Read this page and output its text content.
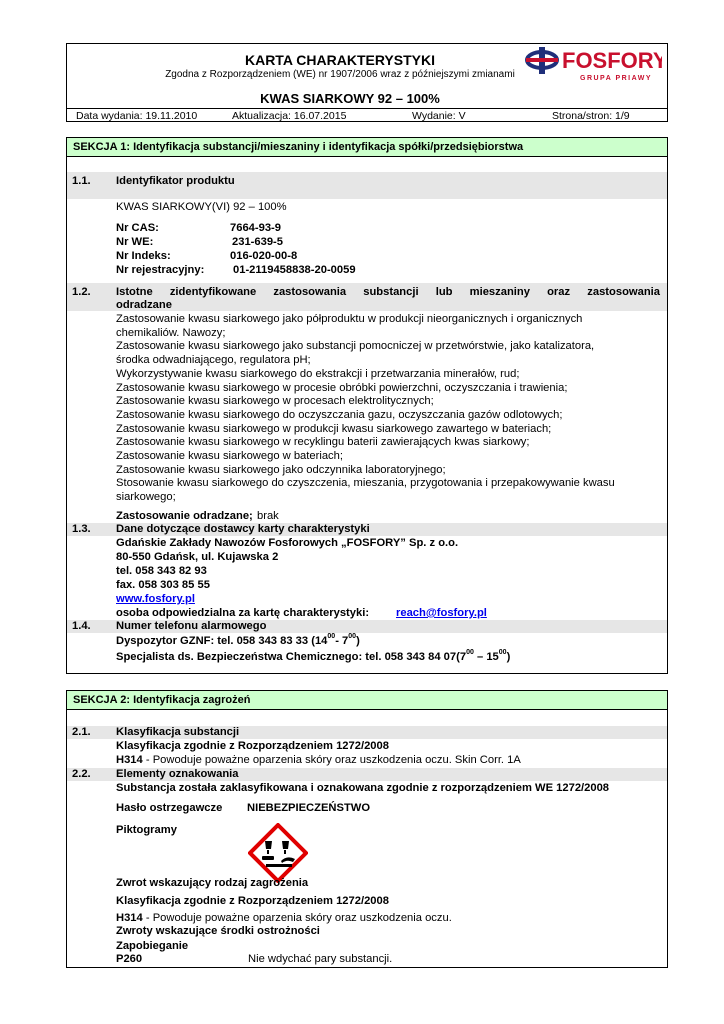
KARTA CHARAKTERYSTYKI
Zgodna z Rozporządzeniem (WE) nr 1907/2006 wraz z późniejszymi zmianami
KWAS SIARKOWY 92 – 100%
FOSFORY
GRUPA PRIAWY
Data wydania: 19.11.2010	Aktualizacja: 16.07.2015	Wydanie: V	Strona/stron: 1/9
SEKCJA 1: Identyfikacja substancji/mieszaniny i identyfikacja spółki/przedsiębiorstwa
1.1. Identyfikator produktu
KWAS SIARKOWY(VI) 92 – 100%
Nr CAS:	7664-93-9
Nr WE:	231-639-5
Nr Indeks:	016-020-00-8
Nr rejestracyjny:	01-2119458838-20-0059
1.2. Istotne zidentyfikowane zastosowania substancji lub mieszaniny oraz zastosowania
odradzane
Zastosowanie kwasu siarkowego jako półproduktu w produkcji nieorganicznych i organicznych
chemikaliów. Nawozy;
Zastosowanie kwasu siarkowego jako substancji pomocniczej w przetwórstwie, jako katalizatora,
środka odwadniającego, regulatora pH;
Wykorzystywanie kwasu siarkowego do ekstrakcji i przetwarzania minerałów, rud;
Zastosowanie kwasu siarkowego w procesie obróbki powierzchni, oczyszczania i trawienia;
Zastosowanie kwasu siarkowego w procesach elektrolitycznych;
Zastosowanie kwasu siarkowego do oczyszczania gazu, oczyszczania gazów odlotowych;
Zastosowanie kwasu siarkowego w produkcji kwasu siarkowego zawartego w bateriach;
Zastosowanie kwasu siarkowego w recyklingu baterii zawierających kwas siarkowy;
Zastosowanie kwasu siarkowego w bateriach;
Zastosowanie kwasu siarkowego jako odczynnika laboratoryjnego;
Stosowanie kwasu siarkowego do czyszczenia, mieszania, przygotowania i przepakowywanie kwasu
siarkowego;
Zastosowanie odradzane; brak
1.3. Dane dotyczące dostawcy karty charakterystyki
Gdańskie Zakłady Nawozów Fosforowych „FOSFORY” Sp. z o.o.
80-550 Gdańsk, ul. Kujawska 2
tel. 058 343 82 93
fax. 058 303 85 55
www.fosfory.pl
osoba odpowiedzialna za kartę charakterystyki: reach@fosfory.pl
1.4. Numer telefonu alarmowego
Dyspozytor GZNF: tel. 058 343 83 33 ($14^{00}-$ $7^{00}$)
Specjalista ds. Bezpieczeństwa Chemicznego: tel. 058 343 84 $07(7^{00} - 15^{00})$
SEKCJA 2: Identyfikacja zagrożeń
2.1. Klasyfikacja substancji
Klasyfikacja zgodnie z Rozporządzeniem 1272/2008
H314 - Powoduje poważne oparzenia skóry oraz uszkodzenia oczu. Skin Corr. 1A
2.2. Elementy oznakowania
Substancja została zaklasyfikowana i oznakowana zgodnie z rozporządzeniem WE 1272/2008
Hasło ostrzegawcze NIEBEZPIECZEŃSTWO
Piktogramy
Zwrot wskazujący rodzaj zagrożenia
Klasyfikacja zgodnie z Rozporządzeniem 1272/2008
H314 - Powoduje poważne oparzenia skóry oraz uszkodzenia oczu.
Zwroty wskazujące środki ostrożności
Zapobieganie
P260	Nie wdychać pary substancji.
